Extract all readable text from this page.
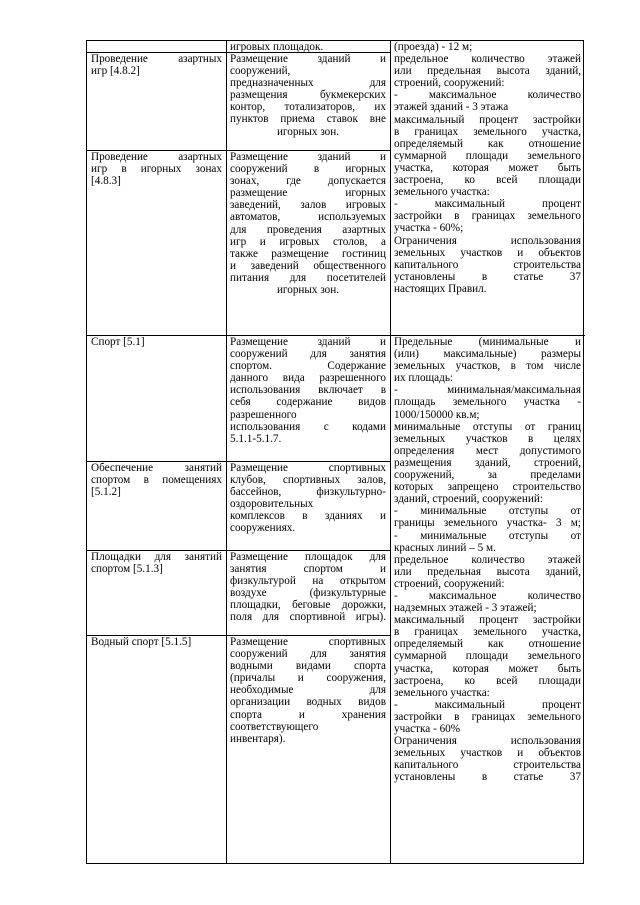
игровых площадок.
Проведение азартных
игр [4.8.2]
Размещение зданий и
сооружений,
предназначенных для
размещения букмекерских
контор, тотализаторов, их
пунктов приема ставок вне
игорных зон.
Проведение азартных
игр в игорных зонах
[4.8.3]
Размещение зданий и
сооружений в игорных
зонах, где допускается
размещение игорных
заведений, залов игровых
автоматов, используемых
для проведения азартных
игр и игровых столов, а
также размещение гостиниц
и заведений общественного
питания для посетителей
игорных зон.
Спорт [5.1]	Размещение зданий и
сооружений для занятия
спортом. Содержание
данного вида разрешенного
использования включает в
себя содержание видов
разрешенного
использования с кодами
5.1.1-5.1.7.
Обеспечение занятий
спортом в помещениях
[5.1.2]
Размещение спортивных
клубов, спортивных залов,
бассейнов, физкультурно-
оздоровительных
комплексов в зданиях и
сооружениях.
Площадки для занятий
спортом [5.1.3]
Размещение площадок для
занятия спортом и
физкультурой на открытом
воздухе (физкультурные
площадки, беговые дорожки,
поля для спортивной игры).
Водный спорт [5.1.5]	Размещение спортивных
сооружений для занятия
водными видами спорта
(причалы и сооружения,
необходимые для
организации водных видов
спорта и хранения
соответствующего
инвентаря).
(проезда) - 12 м;
предельное количество этажей
или предельная высота зданий,
строений, сооружений:
- максимальное количество
этажей зданий - 3 этажа
максимальный процент застройки
в границах земельного участка,
определяемый как отношение
суммарной площади земельного
участка, которая может быть
застроена, ко всей площади
земельного участка:
- максимальный процент
застройки в границах земельного
участка - 60%;
Ограничения использования
земельных участков и объектов
капитального строительства
установлены в статье 37
настоящих Правил.
Предельные (минимальные и
(или) максимальные) размеры
земельных участков, в том числе
их площадь:
- минимальная/максимальная
площадь земельного участка -
1000/150000 кв.м;
минимальные отступы от границ
земельных участков в целях
определения мест допустимого
размещения зданий, строений,
сооружений, за пределами
которых запрещено строительство
зданий, строений, сооружений:
- минимальные отступы от
границы земельного участка- 3 м;
- минимальные отступы от
красных линий – 5 м.
предельное количество этажей
или предельная высота зданий,
строений, сооружений:
- максимальное количество
надземных этажей - 3 этажей;
максимальный процент застройки
в границах земельного участка,
определяемый как отношение
суммарной площади земельного
участка, которая может быть
застроена, ко всей площади
земельного участка:
- максимальный процент
застройки в границах земельного
участка - 60%
Ограничения использования
земельных участков и объектов
капитального строительства
установлены в статье 37
